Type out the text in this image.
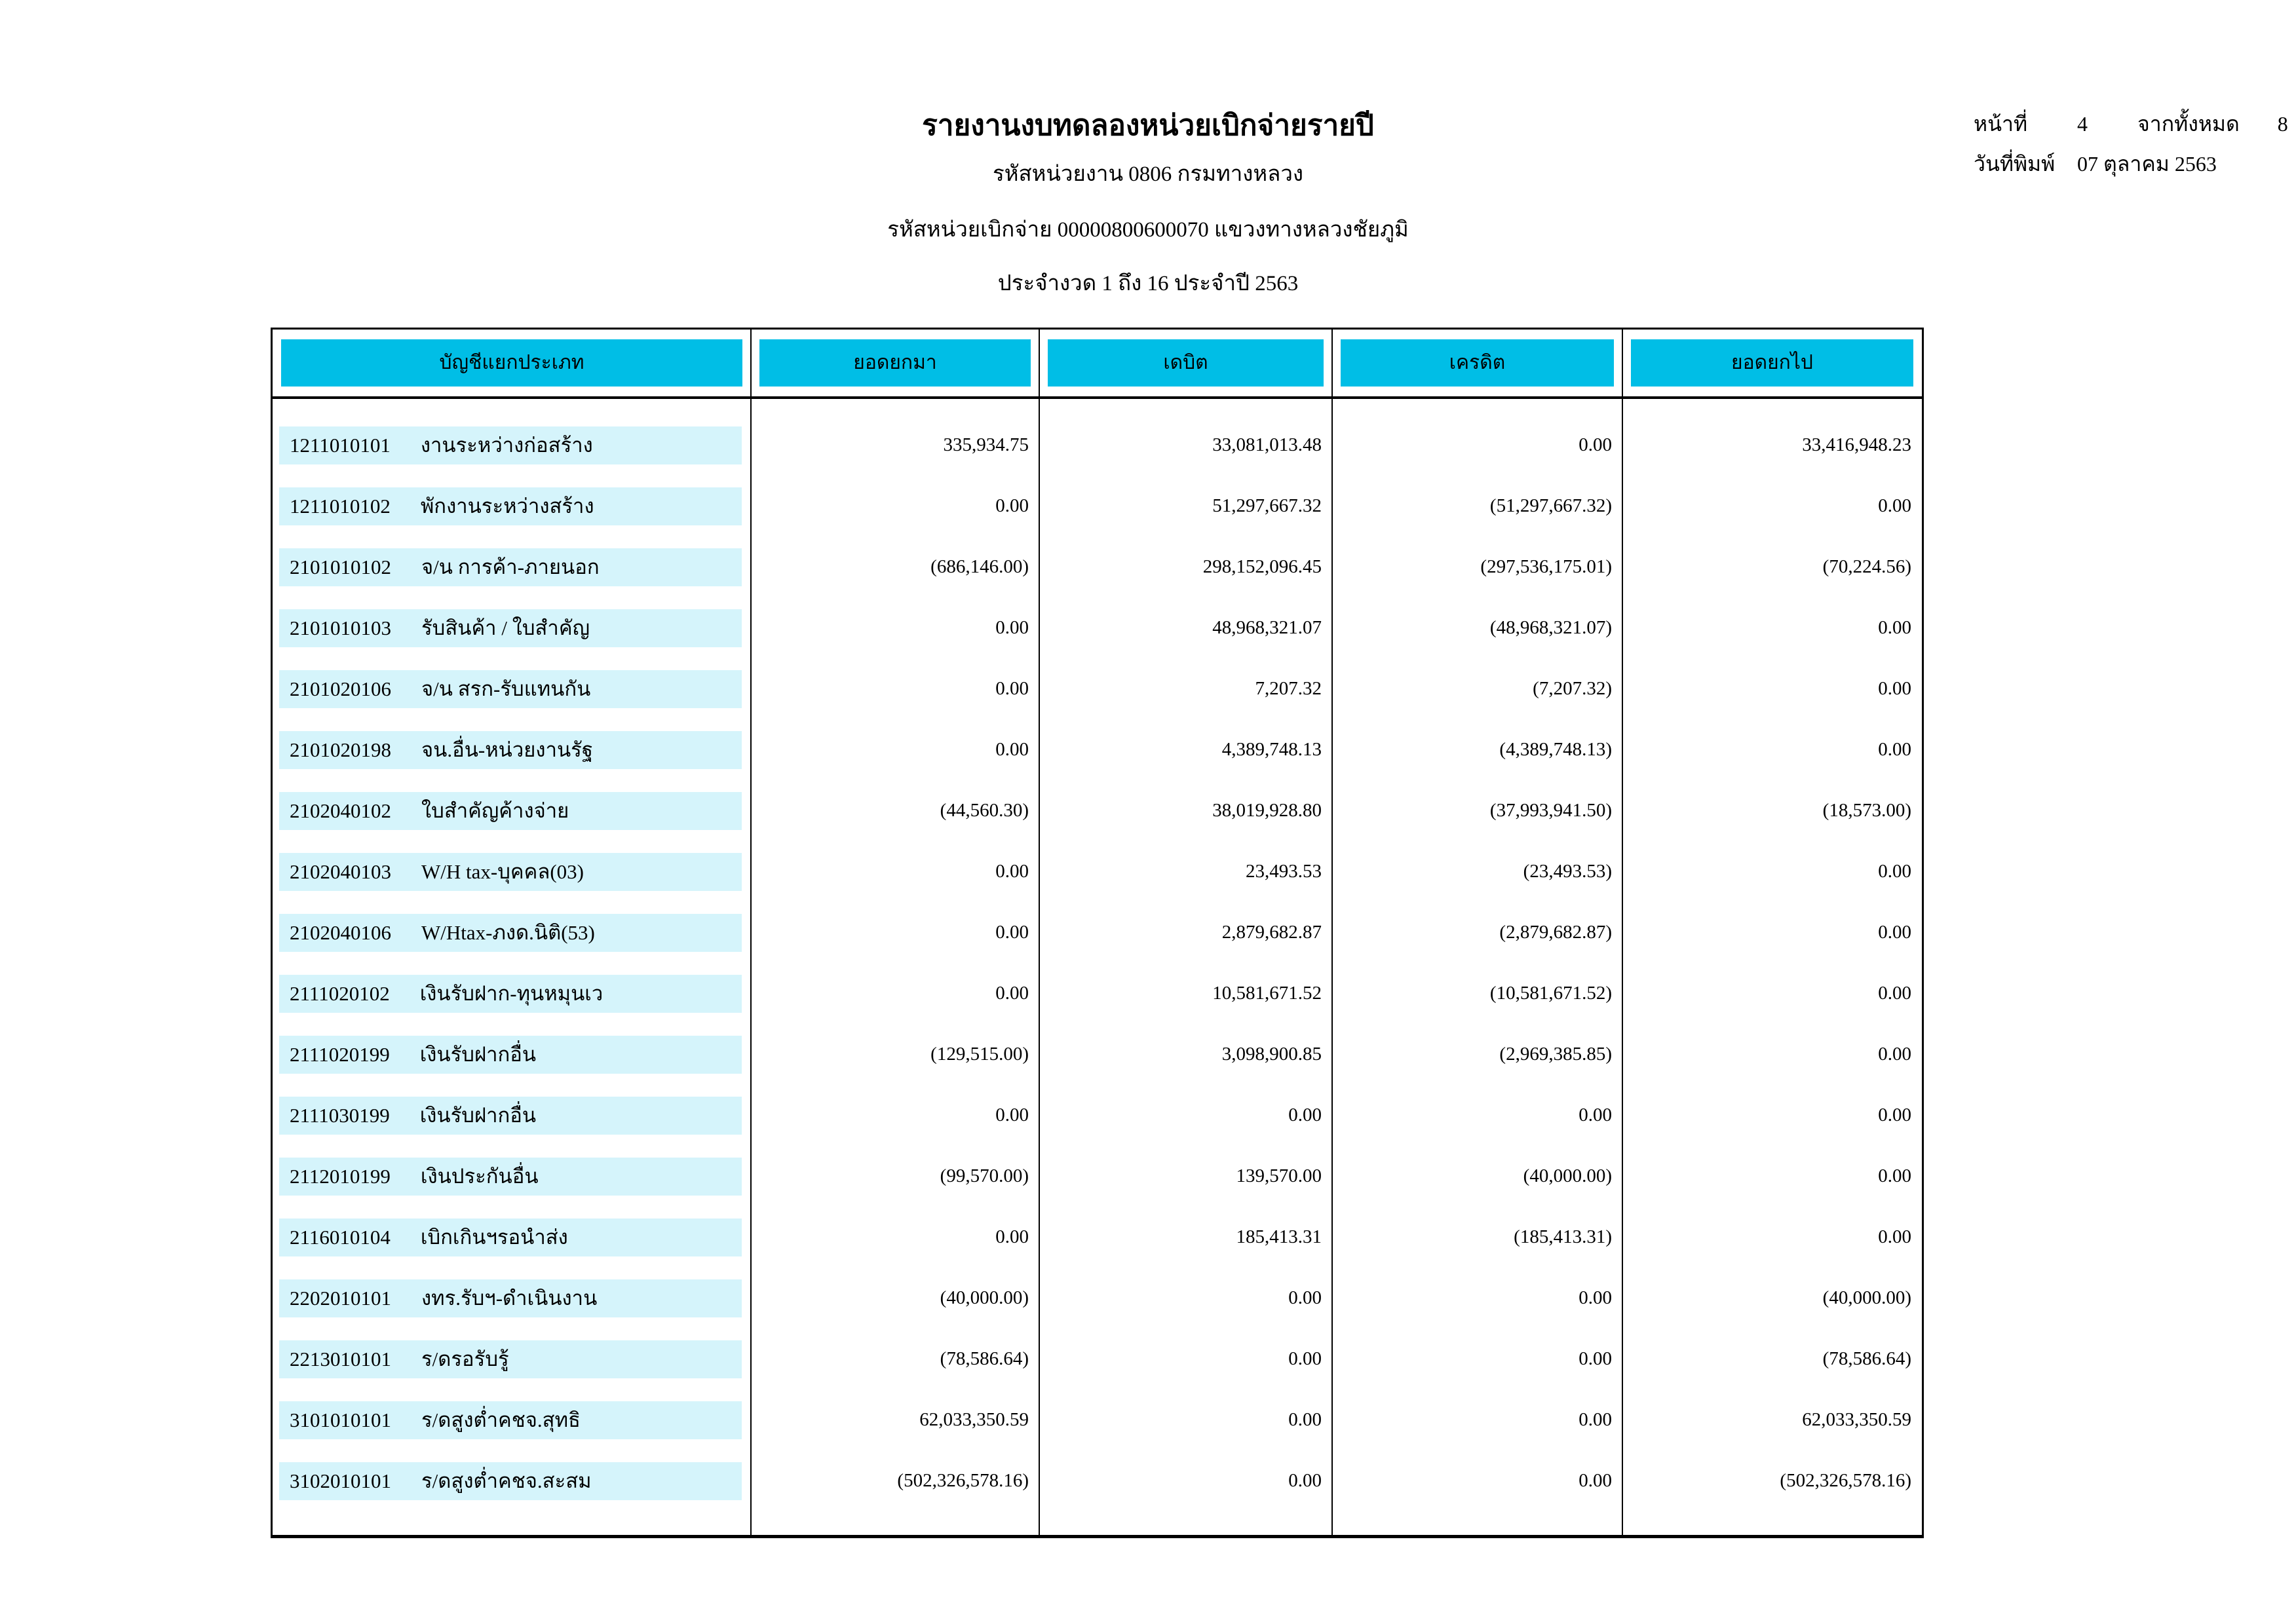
หน้าที่	4	จากทั้งหมด 8
วันที่พิมพ์	07 ตุลาคม 2563
รายงานงบทดลองหน่วยเบิกจ่ายรายปี
รหัสหน่วยงาน 0806 กรมทางหลวง
รหัสหน่วยเบิกจ่าย 00000800600070 แขวงทางหลวงชัยภูมิ
ประจำงวด 1 ถึง 16 ประจำปี 2563
บัญชีแยกประเภท	ยอดยกมา	เดบิต	เครดิต	ยอดยกไป
1211010101 งานระหว่างก่อสร้าง	335,934.75	33,081,013.48	0.00	33,416,948.23
1211010102 พักงานระหว่างสร้าง	0.00	51,297,667.32	(51,297,667.32)	0.00
2101010102 จ/น การค้า-ภายนอก	(686,146.00)	298,152,096.45	(297,536,175.01)	(70,224.56)
2101010103 รับสินค้า / ใบสำคัญ	0.00	48,968,321.07	(48,968,321.07)	0.00
2101020106 จ/น สรก-รับแทนกัน	0.00	7,207.32	(7,207.32)	0.00
2101020198 จน.อื่น-หน่วยงานรัฐ	0.00	4,389,748.13	(4,389,748.13)	0.00
2102040102 ใบสำคัญค้างจ่าย	(44,560.30)	38,019,928.80	(37,993,941.50)	(18,573.00)
2102040103 W/H tax-บุคคล(03)	0.00	23,493.53	(23,493.53)	0.00
2102040106 W/Htax-ภงด.นิติ(53)	0.00	2,879,682.87	(2,879,682.87)	0.00
2111020102 เงินรับฝาก-ทุนหมุนเว	0.00	10,581,671.52	(10,581,671.52)	0.00
2111020199 เงินรับฝากอื่น	(129,515.00)	3,098,900.85	(2,969,385.85)	0.00
2111030199 เงินรับฝากอื่น	0.00	0.00	0.00	0.00
2112010199 เงินประกันอื่น	(99,570.00)	139,570.00	(40,000.00)	0.00
2116010104 เบิกเกินฯรอนำส่ง	0.00	185,413.31	(185,413.31)	0.00
2202010101 งทร.รับฯ-ดำเนินงาน	(40,000.00)	0.00	0.00	(40,000.00)
2213010101 ร/ดรอรับรู้	(78,586.64)	0.00	0.00	(78,586.64)
3101010101 ร/ดสูงต่ำคชจ.สุทธิ	62,033,350.59	0.00	0.00	62,033,350.59
3102010101 ร/ดสูงต่ำคชจ.สะสม	(502,326,578.16)	0.00	0.00	(502,326,578.16)
